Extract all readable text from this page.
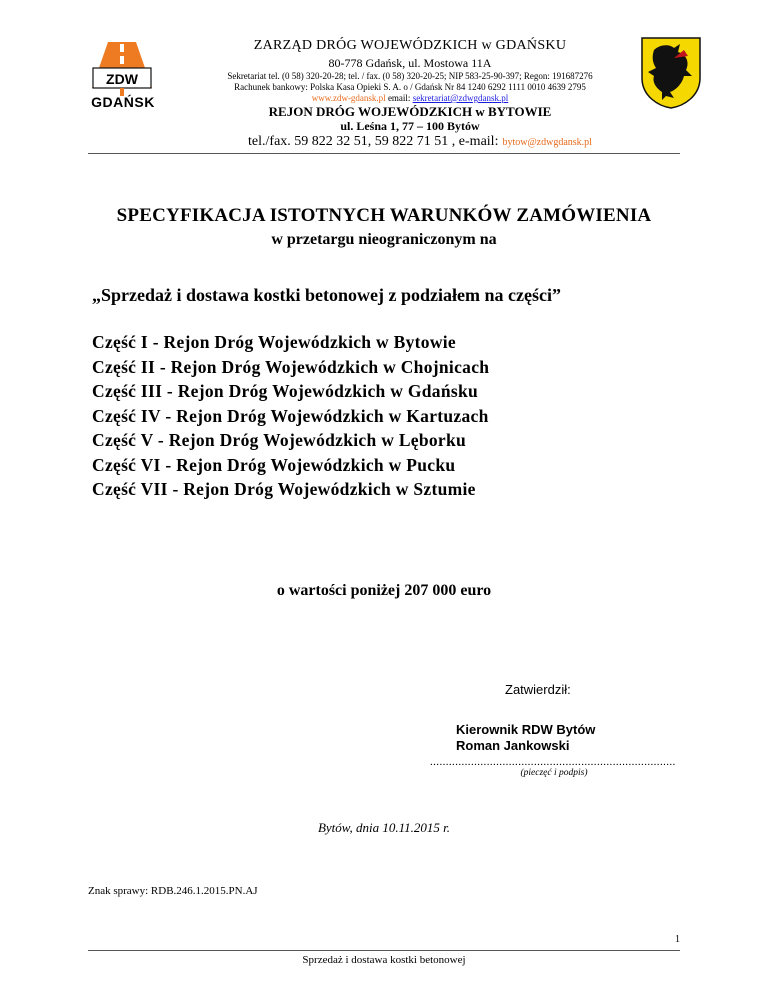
ZDW
GDAŃSK
ZARZĄD DRÓG WOJEWÓDZKICH w GDAŃSKU
80-778 Gdańsk, ul. Mostowa 11A
Sekretariat tel. (0 58) 320-20-28; tel. / fax. (0 58) 320-20-25; NIP 583-25-90-397; Regon: 191687276
Rachunek bankowy: Polska Kasa Opieki S. A. o / Gdańsk Nr 84 1240 6292 1111 0010 4639 2795
www.zdw-gdansk.pl email: sekretariat@zdwgdansk.pl
REJON DRÓG WOJEWÓDZKICH w BYTOWIE
ul. Leśna 1, 77 – 100 Bytów
tel./fax. 59 822 32 51, 59 822 71 51 , e-mail: bytow@zdwgdansk.pl
SPECYFIKACJA ISTOTNYCH WARUNKÓW ZAMÓWIENIA
w przetargu nieograniczonym na
„Sprzedaż i dostawa kostki betonowej z podziałem na części”
Część I - Rejon Dróg Wojewódzkich w Bytowie
Część II - Rejon Dróg Wojewódzkich w Chojnicach
Część III - Rejon Dróg Wojewódzkich w Gdańsku
Część IV - Rejon Dróg Wojewódzkich w Kartuzach
Część V - Rejon Dróg Wojewódzkich w Lęborku
Część VI - Rejon Dróg Wojewódzkich w Pucku
Część VII - Rejon Dróg Wojewódzkich w Sztumie
o wartości poniżej 207 000 euro
Zatwierdził:
Kierownik RDW Bytów
Roman Jankowski
..............................................................................
(pieczęć i podpis)
Bytów, dnia 10.11.2015 r.
Znak sprawy: RDB.246.1.2015.PN.AJ
1
Sprzedaż i dostawa kostki betonowej
